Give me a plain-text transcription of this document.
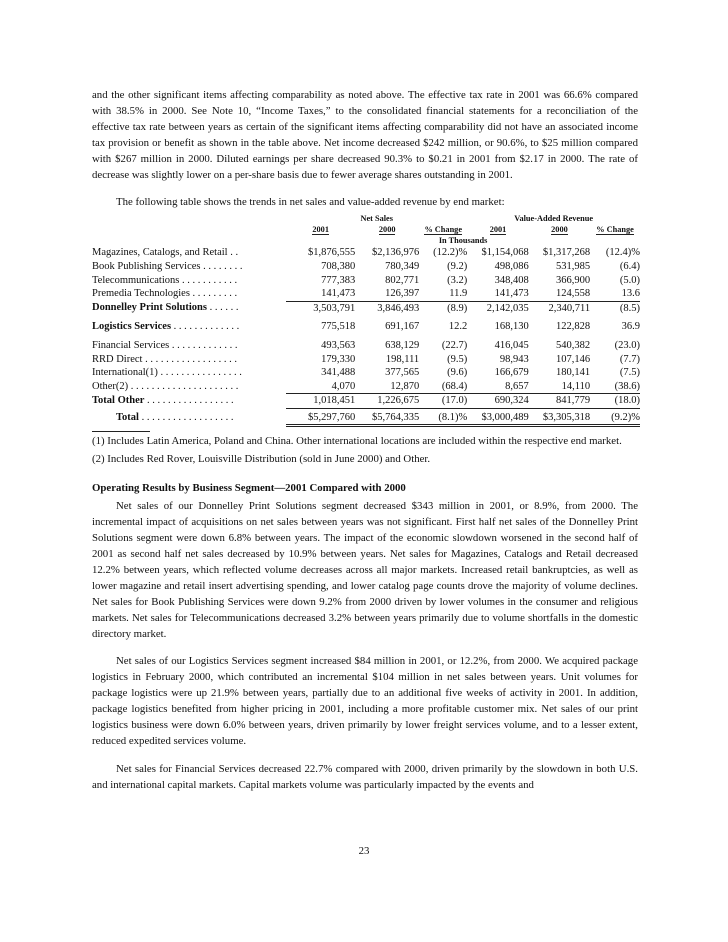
and the other significant items affecting comparability as noted above. The effective tax rate in 2001 was 66.6% compared with 38.5% in 2000. See Note 10, “Income Taxes,” to the consolidated financial statements for a reconciliation of the effective tax rate between years as certain of the significant items affecting comparability did not have an associated income tax provision or benefit as shown in the table above. Net income decreased $242 million, or 90.6%, to $25 million compared with $267 million in 2000. Diluted earnings per share decreased 90.3% to $0.21 in 2001 from $2.17 in 2000. The rate of decrease was slightly lower on a per-share basis due to fewer average shares outstanding in 2001.

The following table shows the trends in net sales and value-added revenue by end market:

	Net Sales			Value-Added Revenue		
	2001	2000	% Change	2001	2000	% Change
	In Thousands					
Magazines, Catalogs, and Retail . .	$1,876,555	$2,136,976	(12.2)%	$1,154,068	$1,317,268	(12.4)%
Book Publishing Services . . . . . . . .	708,380	780,349	(9.2)	498,086	531,985	(6.4)
Telecommunications . . . . . . . . . . .	777,383	802,771	(3.2)	348,408	366,900	(5.0)
Premedia Technologies . . . . . . . . .	141,473	126,397	11.9	141,473	124,558	13.6
Donnelley Print Solutions . . . . . .	3,503,791	3,846,493	(8.9)	2,142,035	2,340,711	(8.5)
Logistics Services . . . . . . . . . . . . .	775,518	691,167	12.2	168,130	122,828	36.9
Financial Services . . . . . . . . . . . . .	493,563	638,129	(22.7)	416,045	540,382	(23.0)
RRD Direct . . . . . . . . . . . . . . . . . .	179,330	198,111	(9.5)	98,943	107,146	(7.7)
International(1) . . . . . . . . . . . . . . . .	341,488	377,565	(9.6)	166,679	180,141	(7.5)
Other(2) . . . . . . . . . . . . . . . . . . . . .	4,070	12,870	(68.4)	8,657	14,110	(38.6)
Total Other . . . . . . . . . . . . . . . . .	1,018,451	1,226,675	(17.0)	690,324	841,779	(18.0)
Total . . . . . . . . . . . . . . . . . .	$5,297,760	$5,764,335	(8.1)%	$3,000,489	$3,305,318	(9.2)%

(1) Includes Latin America, Poland and China. Other international locations are included within the respective end market.

(2) Includes Red Rover, Louisville Distribution (sold in June 2000) and Other.

Operating Results by Business Segment—2001 Compared with 2000

Net sales of our Donnelley Print Solutions segment decreased $343 million in 2001, or 8.9%, from 2000. The incremental impact of acquisitions on net sales between years was not significant. First half net sales of the Donnelley Print Solutions segment were down 6.8% between years. The impact of the economic slowdown worsened in the second half of 2001 as second half net sales decreased by 10.9% between years. Net sales for Magazines, Catalogs and Retail decreased 12.2% between years, which reflected volume decreases across all major markets. Increased retail bankruptcies, as well as lower magazine and retail insert advertising spending, and lower catalog page counts drove the majority of volume declines. Net sales for Book Publishing Services were down 9.2% from 2000 driven by lower volumes in the consumer and religious markets. Net sales for Telecommunications decreased 3.2% between years primarily due to volume shortfalls in the domestic directory market.

Net sales of our Logistics Services segment increased $84 million in 2001, or 12.2%, from 2000. We acquired package logistics in February 2000, which contributed an incremental $104 million in net sales between years. Unit volumes for package logistics were up 21.9% between years, partially due to an additional five weeks of activity in 2001. In addition, package logistics benefited from higher pricing in 2001, including a more profitable customer mix. Net sales of our print logistics business were down 6.0% between years, driven primarily by lower freight services volume, and to a lesser extent, reduced expedited services volume.

Net sales for Financial Services decreased 22.7% compared with 2000, driven primarily by the slowdown in both U.S. and international capital markets. Capital markets volume was particularly impacted by the events and

23
